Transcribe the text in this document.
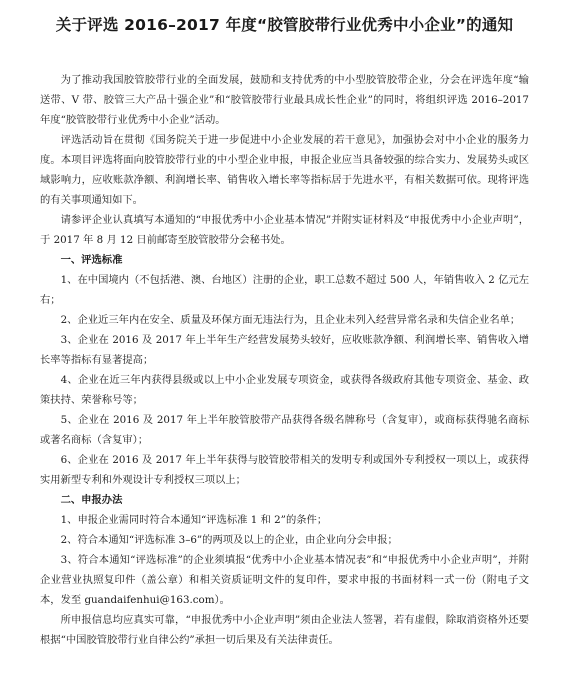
关于评选 2016–2017 年度“胶管胶带行业优秀中小企业”的通知

为了推动我国胶管胶带行业的全面发展，鼓励和支持优秀的中小型胶管胶带企业，分会在评选年度“输送带、V 带、胶管三大产品十强企业”和“胶管胶带行业最具成长性企业”的同时，将组织评选 2016–2017 年度“胶管胶带行业优秀中小企业”活动。

评选活动旨在贯彻《国务院关于进一步促进中小企业发展的若干意见》，加强协会对中小企业的服务力度。本项目评选将面向胶管胶带行业的中小型企业申报，申报企业应当具备较强的综合实力、发展势头或区域影响力，应收账款净额、利润增长率、销售收入增长率等指标居于先进水平，有相关数据可依。现将评选的有关事项通知如下。

请参评企业认真填写本通知的“申报优秀中小企业基本情况”并附实证材料及“申报优秀中小企业声明”，于 2017 年 8 月 12 日前邮寄至胶管胶带分会秘书处。

一、评选标准

1、在中国境内（不包括港、澳、台地区）注册的企业，职工总数不超过 500 人，年销售收入 2 亿元左右；

2、企业近三年内在安全、质量及环保方面无违法行为，且企业未列入经营异常名录和失信企业名单；

3、企业在 2016 及 2017 年上半年生产经营发展势头较好，应收账款净额、利润增长率、销售收入增长率等指标有显著提高；

4、企业在近三年内获得县级或以上中小企业发展专项资金，或获得各级政府其他专项资金、基金、政策扶持、荣誉称号等；

5、企业在 2016 及 2017 年上半年胶管胶带产品获得各级名牌称号（含复审），或商标获得驰名商标或著名商标（含复审）；

6、企业在 2016 及 2017 年上半年获得与胶管胶带相关的发明专利或国外专利授权一项以上，或获得实用新型专利和外观设计专利授权三项以上；

二、申报办法

1、申报企业需同时符合本通知“评选标准 1 和 2”的条件；

2、符合本通知“评选标准 3–6”的两项及以上的企业，由企业向分会申报；

3、符合本通知“评选标准”的企业须填报“优秀中小企业基本情况表”和“申报优秀中小企业声明”，并附企业营业执照复印件（盖公章）和相关资质证明文件的复印件，要求申报的书面材料一式一份（附电子文本，发至 guandaifenhui@163.com）。

所申报信息均应真实可靠，“申报优秀中小企业声明”须由企业法人签署，若有虚假，除取消资格外还要根据“中国胶管胶带行业自律公约”承担一切后果及有关法律责任。
